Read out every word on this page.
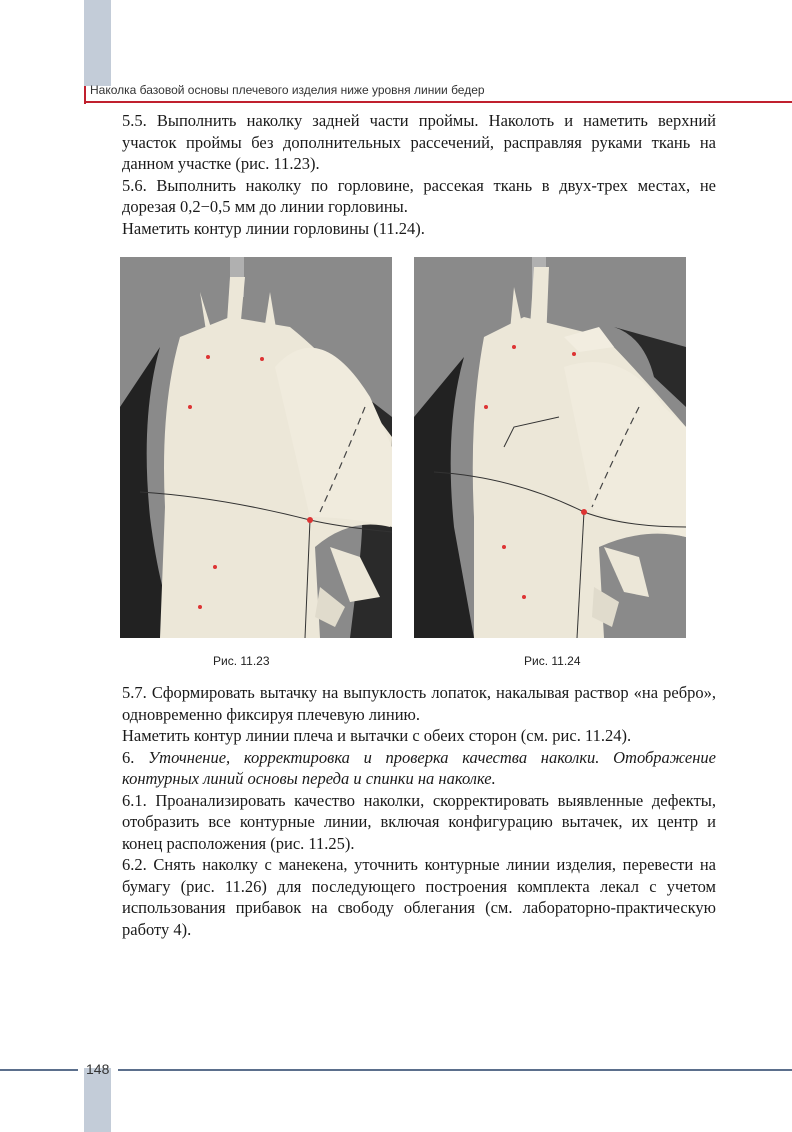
Наколка базовой основы плечевого изделия ниже уровня линии бедер

5.5. Выполнить наколку задней части проймы. Наколоть и наметить верхний участок проймы без дополнительных рассечений, расправляя руками ткань на данном участке (рис. 11.23).

5.6. Выполнить наколку по горловине, рассекая ткань в двух-трех местах, не дорезая 0,2−0,5 мм до линии горловины.

Наметить контур линии горловины (11.24).

Рис. 11.23	Рис. 11.24

5.7. Сформировать вытачку на выпуклость лопаток, накалывая раствор «на ребро», одновременно фиксируя плечевую линию.

Наметить контур линии плеча и вытачки с обеих сторон (см. рис. 11.24).

6. Уточнение, корректировка и проверка качества наколки. Отображение контурных линий основы переда и спинки на наколке.

6.1. Проанализировать качество наколки, скорректировать выявленные дефекты, отобразить все контурные линии, включая конфигурацию вытачек, их центр и конец расположения (рис. 11.25).

6.2. Снять наколку с манекена, уточнить контурные линии изделия, перевести на бумагу (рис. 11.26) для последующего построения комплекта лекал с учетом использования прибавок на свободу облегания (см. лабораторно-практическую работу 4).

148
